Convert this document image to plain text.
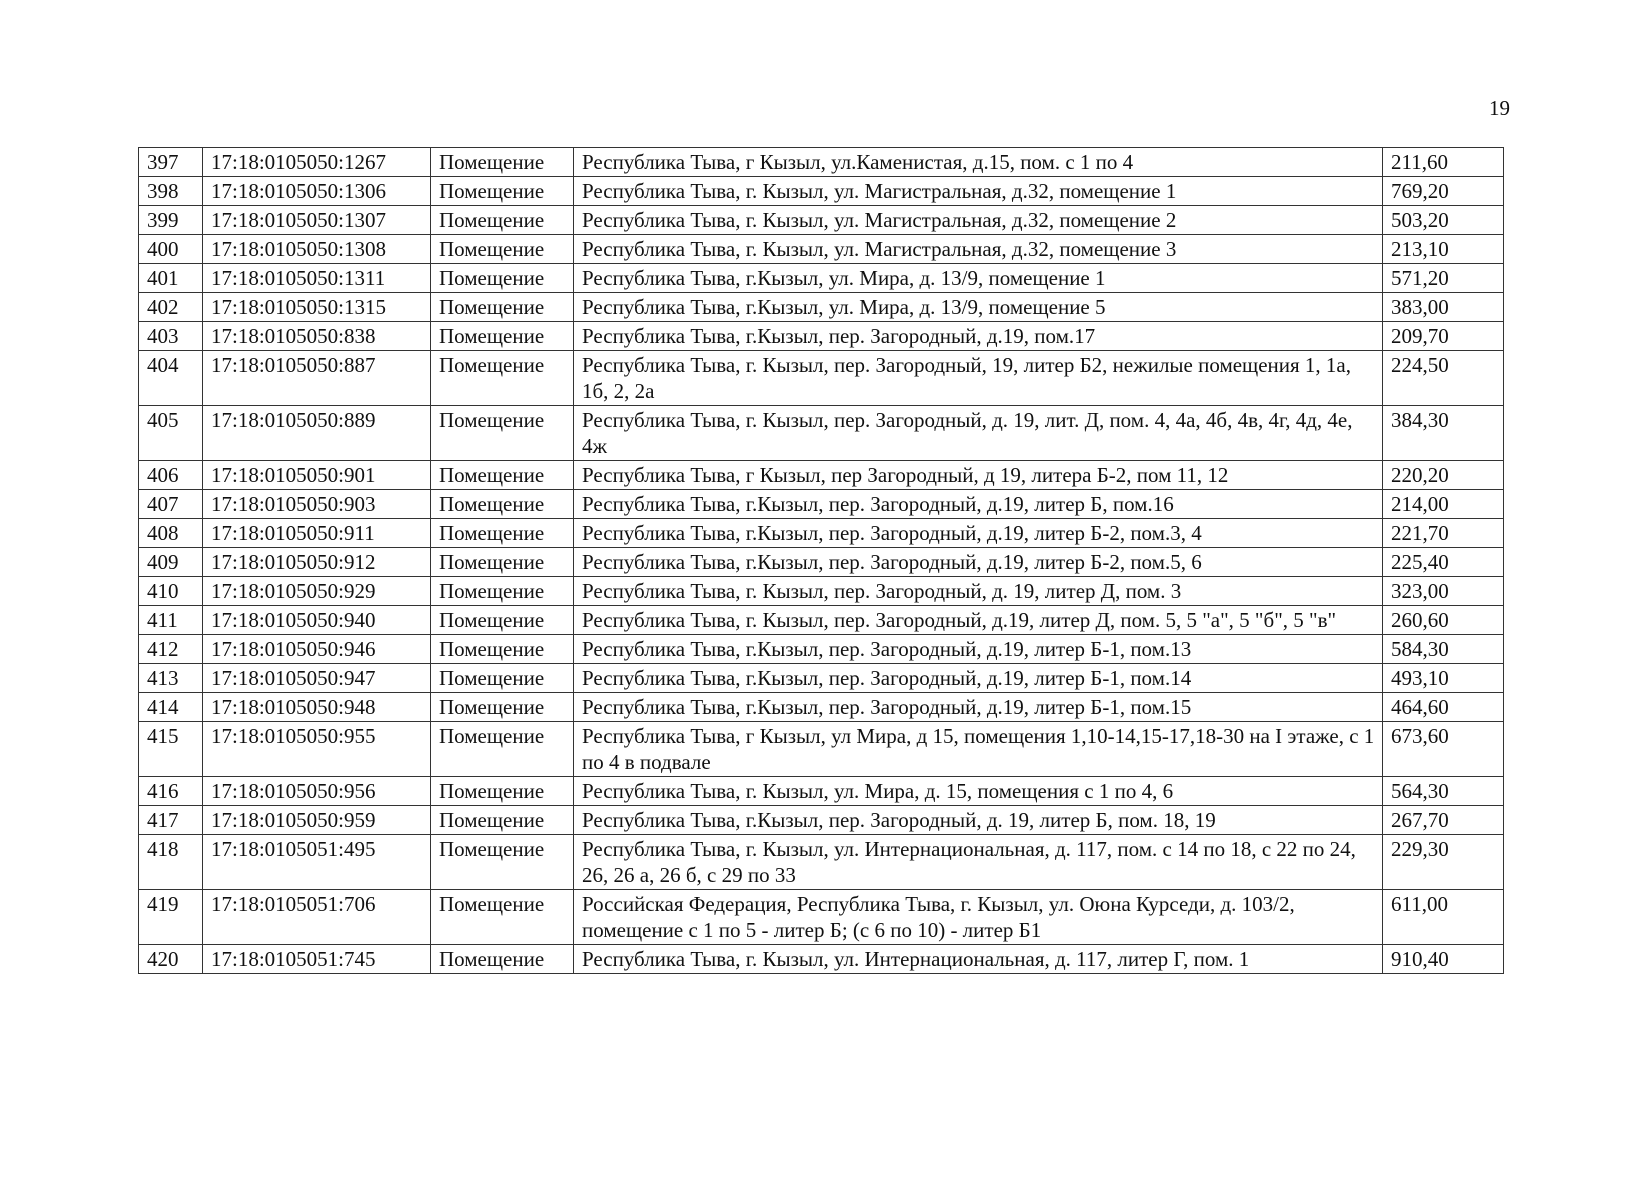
19
397	17:18:0105050:1267	Помещение	Республика Тыва, г Кызыл, ул.Каменистая, д.15, пом. с 1 по 4	211,60
398	17:18:0105050:1306	Помещение	Республика Тыва, г. Кызыл, ул. Магистральная, д.32, помещение 1	769,20
399	17:18:0105050:1307	Помещение	Республика Тыва, г. Кызыл, ул. Магистральная, д.32, помещение 2	503,20
400	17:18:0105050:1308	Помещение	Республика Тыва, г. Кызыл, ул. Магистральная, д.32, помещение 3	213,10
401	17:18:0105050:1311	Помещение	Республика Тыва, г.Кызыл, ул. Мира, д. 13/9, помещение 1	571,20
402	17:18:0105050:1315	Помещение	Республика Тыва, г.Кызыл, ул. Мира, д. 13/9, помещение 5	383,00
403	17:18:0105050:838	Помещение	Республика Тыва, г.Кызыл, пер. Загородный, д.19, пом.17	209,70
404	17:18:0105050:887	Помещение	Республика Тыва, г. Кызыл, пер. Загородный, 19, литер Б2, нежилые помещения 1, 1а, 1б, 2, 2а	224,50
405	17:18:0105050:889	Помещение	Республика Тыва, г. Кызыл, пер. Загородный, д. 19, лит. Д, пом. 4, 4а, 4б, 4в, 4г, 4д, 4е, 4ж	384,30
406	17:18:0105050:901	Помещение	Республика Тыва, г Кызыл, пер Загородный, д 19, литера Б-2, пом 11, 12	220,20
407	17:18:0105050:903	Помещение	Республика Тыва, г.Кызыл, пер. Загородный, д.19, литер Б, пом.16	214,00
408	17:18:0105050:911	Помещение	Республика Тыва, г.Кызыл, пер. Загородный, д.19, литер Б-2, пом.3, 4	221,70
409	17:18:0105050:912	Помещение	Республика Тыва, г.Кызыл, пер. Загородный, д.19, литер Б-2, пом.5, 6	225,40
410	17:18:0105050:929	Помещение	Республика Тыва, г. Кызыл, пер. Загородный, д. 19, литер Д, пом. 3	323,00
411	17:18:0105050:940	Помещение	Республика Тыва, г. Кызыл, пер. Загородный, д.19, литер Д, пом. 5, 5 "а", 5 "б", 5 "в"	260,60
412	17:18:0105050:946	Помещение	Республика Тыва, г.Кызыл, пер. Загородный, д.19, литер Б-1, пом.13	584,30
413	17:18:0105050:947	Помещение	Республика Тыва, г.Кызыл, пер. Загородный, д.19, литер Б-1, пом.14	493,10
414	17:18:0105050:948	Помещение	Республика Тыва, г.Кызыл, пер. Загородный, д.19, литер Б-1, пом.15	464,60
415	17:18:0105050:955	Помещение	Республика Тыва, г Кызыл, ул Мира, д 15, помещения 1,10-14,15-17,18-30 на I этаже, с 1 по 4 в подвале	673,60
416	17:18:0105050:956	Помещение	Республика Тыва, г. Кызыл, ул. Мира, д. 15, помещения с 1 по 4, 6	564,30
417	17:18:0105050:959	Помещение	Республика Тыва, г.Кызыл, пер. Загородный, д. 19, литер Б, пом. 18, 19	267,70
418	17:18:0105051:495	Помещение	Республика Тыва, г. Кызыл, ул. Интернациональная, д. 117, пом. с 14 по 18, с 22 по 24, 26, 26 а, 26 б, с 29 по 33	229,30
419	17:18:0105051:706	Помещение	Российская Федерация, Республика Тыва, г. Кызыл, ул. Оюна Курседи, д. 103/2, помещение с 1 по 5 - литер Б; (с 6 по 10) - литер Б1	611,00
420	17:18:0105051:745	Помещение	Республика Тыва, г. Кызыл, ул. Интернациональная, д. 117, литер Г, пом. 1	910,40
